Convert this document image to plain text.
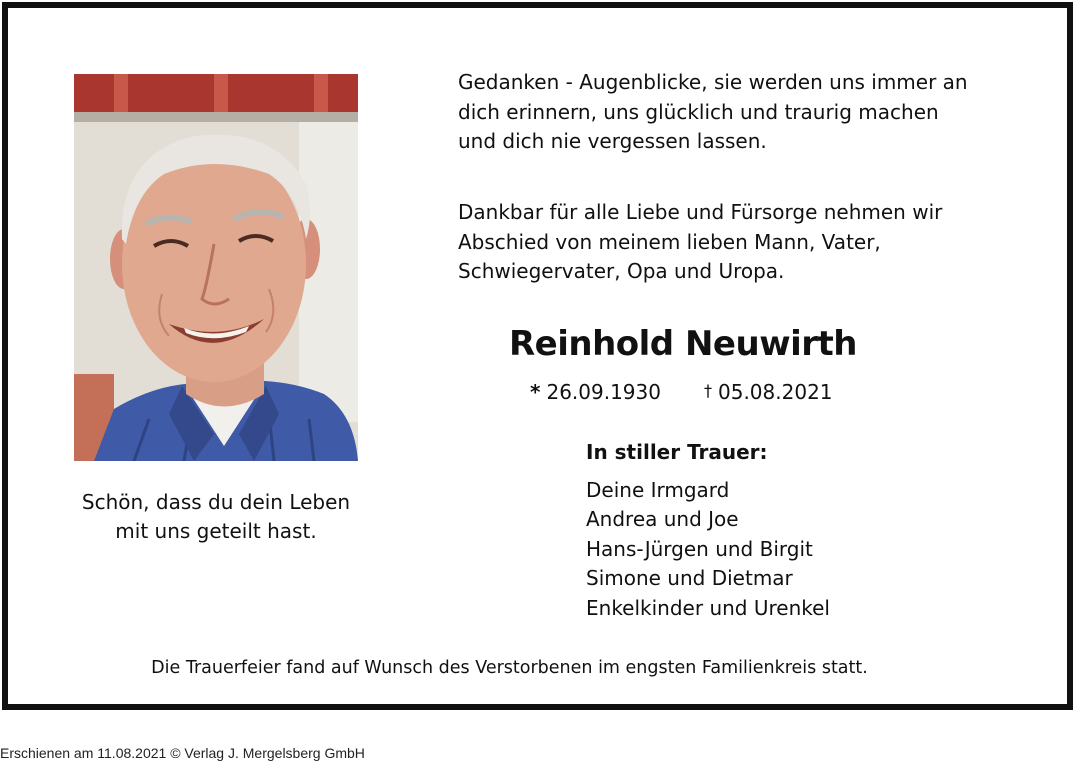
Schön, dass du dein Leben
mit uns geteilt hast.
Gedanken - Augenblicke, sie werden uns immer an
dich erinnern, uns glücklich und traurig machen
und dich nie vergessen lassen.
Dankbar für alle Liebe und Fürsorge nehmen wir
Abschied von meinem lieben Mann, Vater,
Schwiegervater, Opa und Uropa.
Reinhold Neuwirth
* 26.09.1930	† 05.08.2021
In stiller Trauer:
Deine Irmgard
Andrea und Joe
Hans-Jürgen und Birgit
Simone und Dietmar
Enkelkinder und Urenkel
Die Trauerfeier fand auf Wunsch des Verstorbenen im engsten Familienkreis statt.
Erschienen am 11.08.2021 © Verlag J. Mergelsberg GmbH
